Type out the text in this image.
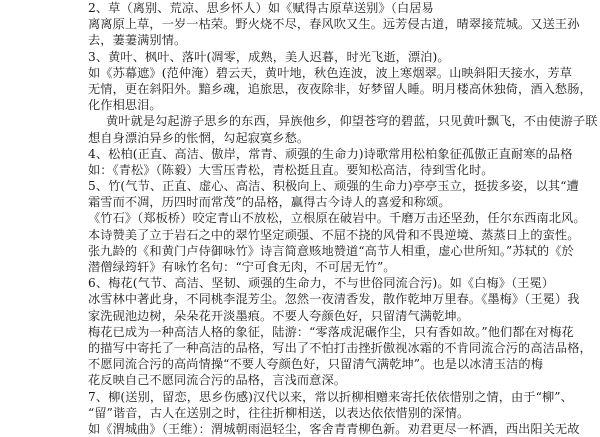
2、草（离别、荒凉、思乡怀人）如《赋得古原草送别》（白居易
离离原上草，一岁一枯荣。野火烧不尽，春风吹又生。远芳侵古道，晴翠接荒城。又送王孙
去，萋萋满别情。
3、黄叶、枫叶、落叶(凋零，成熟，美人迟暮，时光飞逝，漂泊)。
如《苏幕遮》(范仲淹）碧云天，黄叶地，秋色连波，波上寒烟翠。山映斜阳天接水，芳草
无情，更在斜阳外。黯乡魂，追旅思，夜夜除非，好梦留人睡。明月楼高休独倚，酒入愁肠，
化作相思泪。
黄叶就是勾起游子思乡的东西，异族他乡，仰望苍穹的碧蓝，只见黄叶飘飞，不由使游子联
想自身漂泊异乡的怅惘，勾起寂寞乡愁。
4、松柏(正直、高洁、傲岸，常青、顽强的生命力)诗歌常用松柏象征孤傲正直耐寒的品格
如：《青松》（陈毅）大雪压青松，青松挺且直。要知松高洁，待到雪化时。
5、竹(气节、正直、虚心、高洁、积极向上、顽强的生命力)亭亭玉立，挺拔多姿，以其“遭
霜雪而不凋，历四时而常茂”的品格，赢得古今诗人的喜爱和称颂。
《竹石》（郑板桥）咬定青山不放松，立根原在破岩中。千磨万击还坚劲，任尔东西南北风。
本诗赞美了立于岩石之中的翠竹坚定顽强、不屈不挠的风骨和不畏逆境、蒸蒸日上的蛮性。
张九龄的《和黄门卢侍御咏竹》诗言简意赅地赞道“高节人相重，虚心世所知。”苏轼的《於
潜僧绿筠轩》有咏竹名句：“宁可食无肉，不可居无竹”。
6、梅花(气节、高洁、坚韧、顽强的生命力，不与世俗同流合污)。如《白梅》（王冕）
冰雪林中著此身，不同桃李混芳尘。忽然一夜清香发，散作乾坤万里春。《墨梅》（王冕）我
家洗砚池边树，朵朵花开淡墨痕。不要人夸颜色好，只留清气满乾坤。
梅花已成为一种高洁人格的象征，陆游：“零落成泥碾作尘，只有香如故。”他们都在对梅花
的描写中寄托了一种高洁的品格，写出了不怕打击挫折傲视冰霜的不肯同流合污的高洁品格，
不愿同流合污的高尚情操“不要人夸颜色好，只留清气满乾坤”。也是以冰清玉洁的梅
花反映自己不愿同流合污的品格，言浅而意深。
7、柳(送别，留恋，思乡伤感)汉代以来，常以折柳相赠来寄托依依惜别之情，由于“柳”、
“留”谐音，古人在送别之时，往往折柳相送，以表达依依惜别的深情。
如《渭城曲》（王维）：渭城朝雨浥轻尘，客舍青青柳色新。劝君更尽一杯酒，西出阳关无故
